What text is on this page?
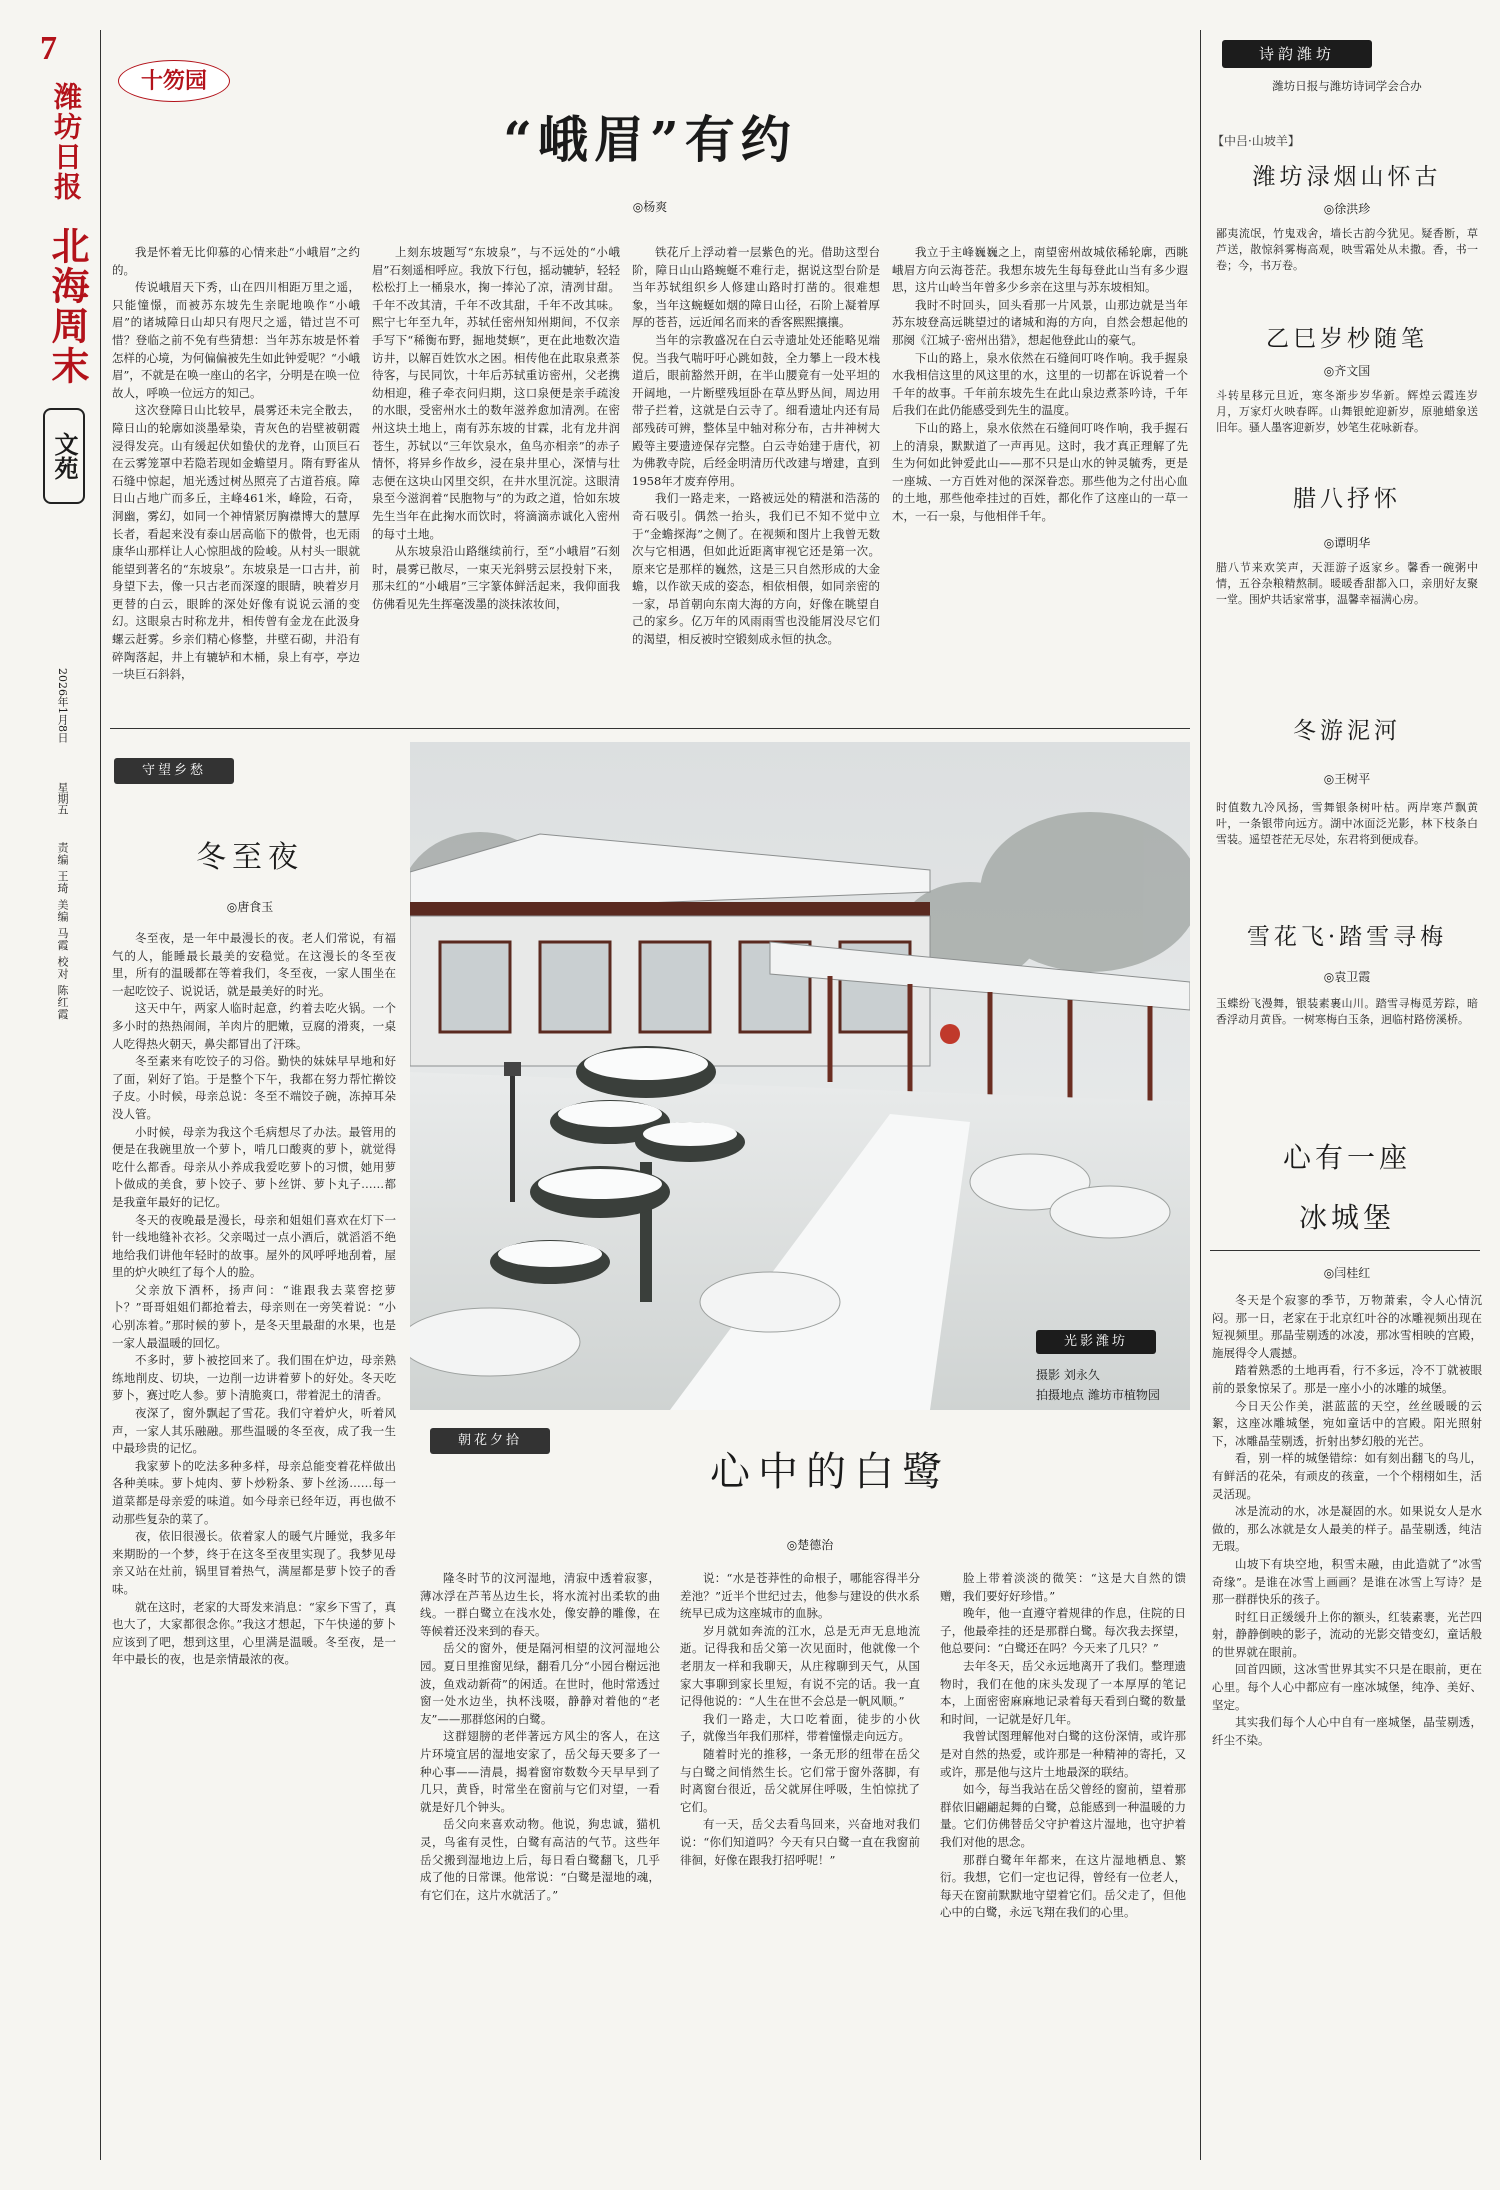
7
潍坊日报
北海周末
文苑
2026年1月8日
星期五
责编 王琦 美编 马霞 校对 陈红霞
十笏园
“峨眉”有约
◎杨爽

我是怀着无比仰慕的心情来赴“小峨眉”之约的。

传说峨眉天下秀，山在四川相距万里之遥，只能憧憬，而被苏东坡先生亲昵地唤作“小峨眉”的诸城障日山却只有咫尺之遥，错过岂不可惜？登临之前不免有些猜想：当年苏东坡是怀着怎样的心境，为何偏偏被先生如此钟爱呢？“小峨眉”，不就是在唤一座山的名字，分明是在唤一位故人，呼唤一位远方的知己。

这次登障日山比较早，晨雾还未完全散去，障日山的轮廓如淡墨晕染，青灰色的岩壁被朝霞浸得发亮。山有缓起伏如蛰伏的龙脊，山顶巨石在云雾笼罩中若隐若现如金蟾望月。隋有野雀从石缝中惊起，旭光透过树丛照亮了古道苔痕。障日山占地广而多丘，主峰461米，峰险，石奇，洞幽，雾幻，如同一个神情紧厉胸襟博大的慧厚长者，看起来没有泰山居高临下的傲骨，也无雨康华山那样让人心惊胆战的险峻。从村头一眼就能望到著名的“东坡泉”。东坡泉是一口古井，前身望下去，像一只古老而深邃的眼睛，映着岁月更替的白云，眼眸的深处好像有说说云涌的变幻。这眼泉古时称龙井，相传曾有金龙在此汲身螺云赶雾。乡亲们精心修整，井壁石砌，井沿有碎陶落起，井上有辘轳和木桶，泉上有亭，亭边一块巨石斜斜，

上刻东坡题写“东坡泉”，与不远处的“小峨眉”石刻遥相呼应。我放下行包，摇动辘轳，轻轻松松打上一桶泉水，掬一捧沁了凉，清冽甘甜。千年不改其清，千年不改其甜，千年不改其味。熙宁七年至九年，苏轼任密州知州期间，不仅亲手写下“稀衡布野，掘地焚螟”，更在此地数次造访井，以解百姓饮水之困。相传他在此取泉煮茶待客，与民同饮，十年后苏轼重访密州，父老携幼相迎，稚子牵衣问归期，这口泉便是亲手疏浚的水眼，受密州水土的数年滋养愈加清冽。在密州这块土地上，南有苏东坡的甘霖，北有龙井润苍生，苏轼以“三年饮泉水，鱼鸟亦相亲”的赤子情怀，将异乡作故乡，浸在泉井里心，深情与壮志便在这块山冈里交织，在井水里沉淀。这眼清泉至今滋润着“民胞物与”的为政之道，恰如东坡先生当年在此掬水而饮时，将滴滴赤诚化入密州的每寸土地。

从东坡泉沿山路继续前行，至“小峨眉”石刻时，晨雾已散尽，一束天光斜劈云层投射下来，那未红的“小峨眉”三字篆体鲜活起来，我仰面我仿佛看见先生挥毫泼墨的淡抹浓妆间，

铁花斤上浮动着一层紫色的光。借助这型台阶，障日山山路蜿蜒不难行走，据说这型台阶是当年苏轼组织乡人修建山路时打凿的。很难想象，当年这蜿蜒如烟的障日山径，石阶上凝着厚厚的苍苔，远近闻名而来的香客熙熙攘攘。

当年的宗教盛况在白云寺遗址处还能略见端倪。当我气喘吁吁心跳如鼓，全力攀上一段木栈道后，眼前豁然开朗，在半山腰竟有一处平坦的开阔地，一片断壁残垣卧在草丛野丛间，周边用带子拦着，这就是白云寺了。细看遗址内还有局部残砖可辨，整体呈中轴对称分布，古井神树大殿等主要遗迹保存完整。白云寺始建于唐代，初为佛教寺院，后经金明清历代改建与增建，直到1958年才废弃停用。

我们一路走来，一路被远处的精湛和浩荡的奇石吸引。偶然一抬头，我们已不知不觉中立于“金蟾探海”之侧了。在视频和图片上我曾无数次与它相遇，但如此近距离审视它还是第一次。原来它是那样的巍然，这是三只自然形成的大金蟾，以作欲天成的姿态，相依相偎，如同亲密的一家，昂首朝向东南大海的方向，好像在眺望自己的家乡。亿万年的风雨雨雪也没能屑没尽它们的渴望，相反被时空锻刻成永恒的执念。

我立于主峰巍巍之上，南望密州故城依稀轮廓，西眺峨眉方向云海苍茫。我想东坡先生每每登此山当有多少遐思，这片山岭当年曾多少乡亲在这里与苏东坡相知。

我时不时回头，回头看那一片风景，山那边就是当年苏东坡登高远眺望过的诸城和海的方向，自然会想起他的那阕《江城子·密州出猎》，想起他登此山的豪气。

下山的路上，泉水依然在石缝间叮咚作响。我手握泉水我相信这里的风这里的水，这里的一切都在诉说着一个千年的故事。千年前东坡先生在此山泉边煮茶吟诗，千年后我们在此仍能感受到先生的温度。

下山的路上，泉水依然在石缝间叮咚作响，我手握石上的清泉，默默道了一声再见。这时，我才真正理解了先生为何如此钟爱此山——那不只是山水的钟灵毓秀，更是一座城、一方百姓对他的深深眷恋。那些他为之付出心血的土地，那些他牵挂过的百姓，都化作了这座山的一草一木，一石一泉，与他相伴千年。

诗韵潍坊
潍坊日报与潍坊诗词学会合办
【中吕·山坡羊】
潍坊渌烟山怀古
◎徐洪珍
鄙夷流氓，竹鬼戏舍，墙长古韵今犹见。疑香断，草芦送，散惊斜雾梅高观，映雪霜处从未撒。香，书一卷；今，书万卷。
乙巳岁杪随笔
◎齐文国
斗转星移元旦近，寒冬渐步岁华新。辉煌云霞连岁月，万家灯火映春晖。山舞银蛇迎新岁，原驰蜡象送旧年。骚人墨客迎新岁，妙笔生花咏新春。
腊八抒怀
◎谭明华
腊八节来欢笑声，天涯游子返家乡。馨香一碗粥中情，五谷杂粮精熬制。暖暖香甜都入口，亲朋好友聚一堂。围炉共话家常事，温馨幸福满心房。
冬游泥河
◎王树平
时值数九冷风扬，雪舞银条树叶枯。两岸寒芦飘黄叶，一条银带向远方。湖中冰面泛光影，林下枝条白雪装。遥望苍茫无尽处，东君将到便成春。
雪花飞·踏雪寻梅
◎袁卫霞
玉蝶纷飞漫舞，银装素裹山川。踏雪寻梅觅芳踪，暗香浮动月黄昏。一树寒梅白玉条，迥临村路傍溪桥。
心有一座
冰城堡
◎闫桂红

冬天是个寂寥的季节，万物萧索，令人心情沉闷。那一日，老家在于北京红叶谷的冰雕视频出现在短视频里。那晶莹剔透的冰凌，那冰雪相映的宫殿，施展得令人震撼。

踏着熟悉的土地再看，行不多远，冷不丁就被眼前的景象惊呆了。那是一座小小的冰雕的城堡。

今日天公作美，湛蓝蓝的天空，丝丝暖暖的云絮，这座冰雕城堡，宛如童话中的宫殿。阳光照射下，冰雕晶莹剔透，折射出梦幻般的光芒。

看，别一样的城堡错综：如有刻出翻飞的鸟儿，有鲜活的花朵，有顽皮的孩童，一个个栩栩如生，活灵活现。

冰是流动的水，冰是凝固的水。如果说女人是水做的，那么冰就是女人最美的样子。晶莹剔透，纯洁无瑕。

山坡下有块空地，积雪未融，由此造就了“冰雪奇缘”。是谁在冰雪上画画？是谁在冰雪上写诗？是那一群群快乐的孩子。

时红日正缓缓升上你的额头，红装素裹，光芒四射，静静倒映的影子，流动的光影交错变幻，童话般的世界就在眼前。

回首四顾，这冰雪世界其实不只是在眼前，更在心里。每个人心中都应有一座冰城堡，纯净、美好、坚定。

其实我们每个人心中自有一座城堡，晶莹剔透，纤尘不染。

守望乡愁
冬至夜
◎唐食玉

冬至夜，是一年中最漫长的夜。老人们常说，有福气的人，能睡最长最美的安稳觉。在这漫长的冬至夜里，所有的温暖都在等着我们，冬至夜，一家人围坐在一起吃饺子、说说话，就是最美好的时光。

这天中午，两家人临时起意，约着去吃火锅。一个多小时的热热闹闹，羊肉片的肥嫩，豆腐的滑爽，一桌人吃得热火朝天，鼻尖都冒出了汗珠。

冬至素来有吃饺子的习俗。勤快的妹妹早早地和好了面，剁好了馅。于是整个下午，我都在努力帮忙擀饺子皮。小时候，母亲总说：冬至不端饺子碗，冻掉耳朵没人管。

小时候，母亲为我这个毛病想尽了办法。最管用的便是在我碗里放一个萝卜，啃几口酸爽的萝卜，就觉得吃什么都香。母亲从小养成我爱吃萝卜的习惯，她用萝卜做成的美食，萝卜饺子、萝卜丝饼、萝卜丸子……都是我童年最好的记忆。

冬天的夜晚最是漫长，母亲和姐姐们喜欢在灯下一针一线地缝补衣衫。父亲喝过一点小酒后，就滔滔不绝地给我们讲他年轻时的故事。屋外的风呼呼地刮着，屋里的炉火映红了每个人的脸。

父亲放下酒杯，扬声问：“谁跟我去菜窖挖萝卜？”哥哥姐姐们都抢着去，母亲则在一旁笑着说：“小心别冻着。”那时候的萝卜，是冬天里最甜的水果，也是一家人最温暖的回忆。

不多时，萝卜被挖回来了。我们围在炉边，母亲熟练地削皮、切块，一边削一边讲着萝卜的好处。冬天吃萝卜，赛过吃人参。萝卜清脆爽口，带着泥土的清香。

夜深了，窗外飘起了雪花。我们守着炉火，听着风声，一家人其乐融融。那些温暖的冬至夜，成了我一生中最珍贵的记忆。

我家萝卜的吃法多种多样，母亲总能变着花样做出各种美味。萝卜炖肉、萝卜炒粉条、萝卜丝汤……每一道菜都是母亲爱的味道。如今母亲已经年迈，再也做不动那些复杂的菜了。

夜，依旧很漫长。依着家人的暖气片睡觉，我多年来期盼的一个梦，终于在这冬至夜里实现了。我梦见母亲又站在灶前，锅里冒着热气，满屋都是萝卜饺子的香味。

就在这时，老家的大哥发来消息：“家乡下雪了，真也大了，大家都很念你。”我这才想起，下午快递的萝卜应该到了吧，想到这里，心里满是温暖。冬至夜，是一年中最长的夜，也是亲情最浓的夜。

光影潍坊
摄影 刘永久
拍摄地点 潍坊市植物园
朝花夕拾
心中的白鹭
◎楚德治

隆冬时节的汶河湿地，清寂中透着寂寥，薄冰浮在芦苇丛边生长，将水流衬出柔软的曲线。一群白鹭立在浅水处，像安静的雕像，在等候着还没来到的春天。

岳父的窗外，便是隔河相望的汶河湿地公园。夏日里推窗见绿，翻看几分“小园台榭远池波，鱼戏动新荷”的闲适。在世时，他时常透过窗一处水边坐，执杯浅啜，静静对着他的“老友”——那群悠闲的白鹭。

这群翅膀的老伴著远方风尘的客人，在这片环境宜居的湿地安家了，岳父每天要多了一种心事——清晨，揭着窗帘数数今天早早到了几只，黄昏，时常坐在窗前与它们对望，一看就是好几个钟头。

岳父向来喜欢动物。他说，狗忠诚，猫机灵，鸟雀有灵性，白鹭有高洁的气节。这些年岳父搬到湿地边上后，每日看白鹭翻飞，几乎成了他的日常课。他常说：“白鹭是湿地的魂，有它们在，这片水就活了。”

说：“水是苍莽性的命根子，哪能容得半分差池？”近半个世纪过去，他参与建设的供水系统早已成为这座城市的血脉。

岁月就如奔流的江水，总是无声无息地流逝。记得我和岳父第一次见面时，他就像一个老朋友一样和我聊天，从庄稼聊到天气，从国家大事聊到家长里短，有说不完的话。我一直记得他说的：“人生在世不会总是一帆风顺。”

我们一路走，大口吃着面，徒步的小伙子，就像当年我们那样，带着憧憬走向远方。

随着时光的推移，一条无形的纽带在岳父与白鹭之间悄然生长。它们常于窗外落脚，有时离窗台很近，岳父就屏住呼吸，生怕惊扰了它们。

有一天，岳父去看鸟回来，兴奋地对我们说：“你们知道吗？今天有只白鹭一直在我窗前徘徊，好像在跟我打招呼呢！”

脸上带着淡淡的微笑：“这是大自然的馈赠，我们要好好珍惜。”

晚年，他一直遵守着规律的作息，住院的日子，他最牵挂的还是那群白鹭。每次我去探望，他总要问：“白鹭还在吗？今天来了几只？”

去年冬天，岳父永远地离开了我们。整理遗物时，我们在他的床头发现了一本厚厚的笔记本，上面密密麻麻地记录着每天看到白鹭的数量和时间，一记就是好几年。

我曾试图理解他对白鹭的这份深情，或许那是对自然的热爱，或许那是一种精神的寄托，又或许，那是他与这片土地最深的联结。

如今，每当我站在岳父曾经的窗前，望着那群依旧翩翩起舞的白鹭，总能感到一种温暖的力量。它们仿佛替岳父守护着这片湿地，也守护着我们对他的思念。

那群白鹭年年都来，在这片湿地栖息、繁衍。我想，它们一定也记得，曾经有一位老人，每天在窗前默默地守望着它们。岳父走了，但他心中的白鹭，永远飞翔在我们的心里。
